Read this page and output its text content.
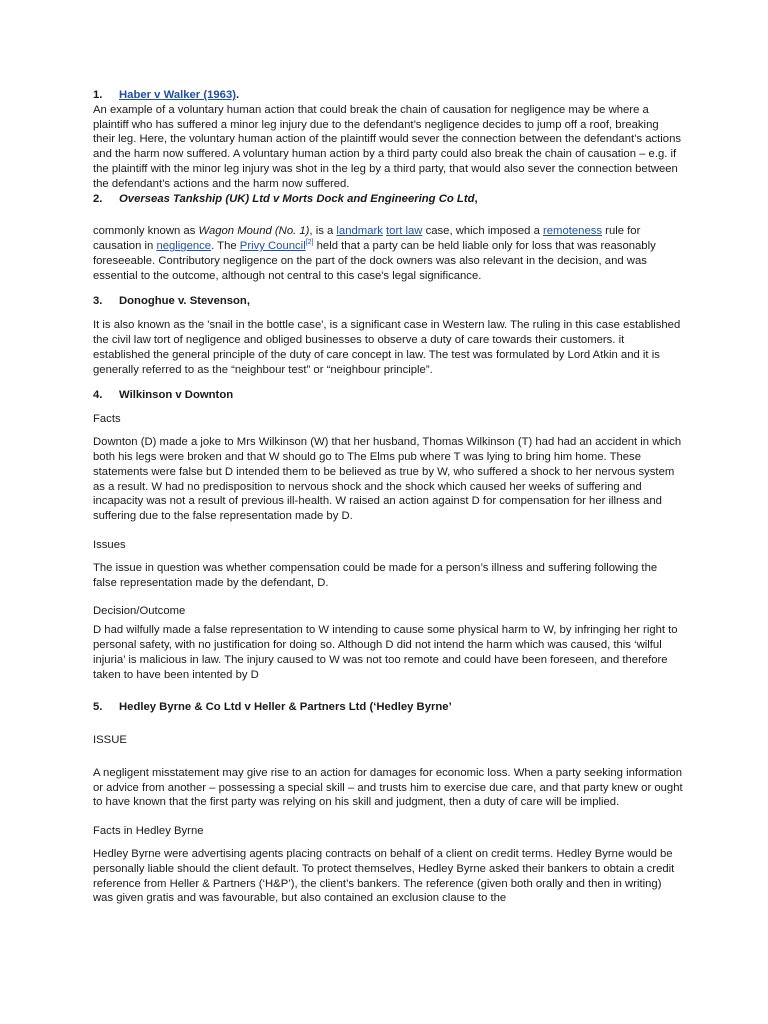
1. Haber v Walker (1963).

An example of a voluntary human action that could break the chain of causation for negligence may be where a plaintiff who has suffered a minor leg injury due to the defendant’s negligence decides to jump off a roof, breaking their leg. Here, the voluntary human action of the plaintiff would sever the connection between the defendant’s actions and the harm now suffered. A voluntary human action by a third party could also break the chain of causation – e.g. if the plaintiff with the minor leg injury was shot in the leg by a third party, that would also sever the connection between the defendant’s actions and the harm now suffered.

2. Overseas Tankship (UK) Ltd v Morts Dock and Engineering Co Ltd,

commonly known as Wagon Mound (No. 1), is a landmark tort law case, which imposed a remoteness rule for causation in negligence. The Privy Council[2] held that a party can be held liable only for loss that was reasonably foreseeable. Contributory negligence on the part of the dock owners was also relevant in the decision, and was essential to the outcome, although not central to this case's legal significance.

3. Donoghue v. Stevenson,

It is also known as the 'snail in the bottle case', is a significant case in Western law. The ruling in this case established the civil law tort of negligence and obliged businesses to observe a duty of care towards their customers. it established the general principle of the duty of care concept in law. The test was formulated by Lord Atkin and it is generally referred to as the “neighbour test” or “neighbour principle”.

4. Wilkinson v Downton

Facts

Downton (D) made a joke to Mrs Wilkinson (W) that her husband, Thomas Wilkinson (T) had had an accident in which both his legs were broken and that W should go to The Elms pub where T was lying to bring him home. These statements were false but D intended them to be believed as true by W, who suffered a shock to her nervous system as a result. W had no predisposition to nervous shock and the shock which caused her weeks of suffering and incapacity was not a result of previous ill-health. W raised an action against D for compensation for her illness and suffering due to the false representation made by D.

Issues

The issue in question was whether compensation could be made for a person’s illness and suffering following the false representation made by the defendant, D.

Decision/Outcome

D had wilfully made a false representation to W intending to cause some physical harm to W, by infringing her right to personal safety, with no justification for doing so. Although D did not intend the harm which was caused, this ‘wilful injuria’ is malicious in law. The injury caused to W was not too remote and could have been foreseen, and therefore taken to have been intented by D

5. Hedley Byrne & Co Ltd v Heller & Partners Ltd (‘Hedley Byrne’

ISSUE

A negligent misstatement may give rise to an action for damages for economic loss. When a party seeking information or advice from another – possessing a special skill – and trusts him to exercise due care, and that party knew or ought to have known that the first party was relying on his skill and judgment, then a duty of care will be implied.

Facts in Hedley Byrne

Hedley Byrne were advertising agents placing contracts on behalf of a client on credit terms. Hedley Byrne would be personally liable should the client default. To protect themselves, Hedley Byrne asked their bankers to obtain a credit reference from Heller & Partners (‘H&P’), the client’s bankers. The reference (given both orally and then in writing) was given gratis and was favourable, but also contained an exclusion clause to the
